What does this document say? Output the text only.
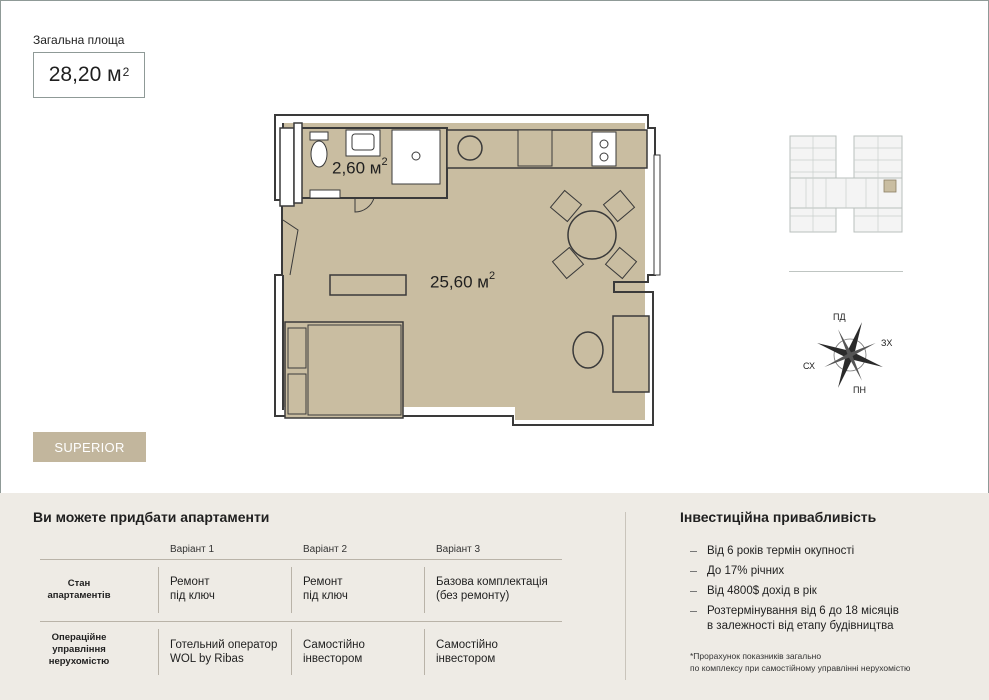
Загальна площа
28,20 $м^2$
SUPERIOR
2,60 $м^2$
25,60 $м^2$
ПД
ЗХ
СХ
ПН
Ви можете придбати апартаменти
Варіант 1	Варіант 2	Варіант 3
Стан
апартаментів
Операційне
управління
нерухомістю
Ремонт
під ключ
Ремонт
під ключ
Базова комплектація
(без ремонту)
Готельний оператор
WOL by Ribas
Самостійно
інвестором
Самостійно
інвестором
Інвестиційна привабливість
Від 6 років термін окупності
До 17% річних
Від 4800$ дохід в рік
Розтермінування від 6 до 18 місяців
в залежності від етапу будівництва
*Прорахунок показників загально
по комплексу при самостійному управлінні нерухомістю
